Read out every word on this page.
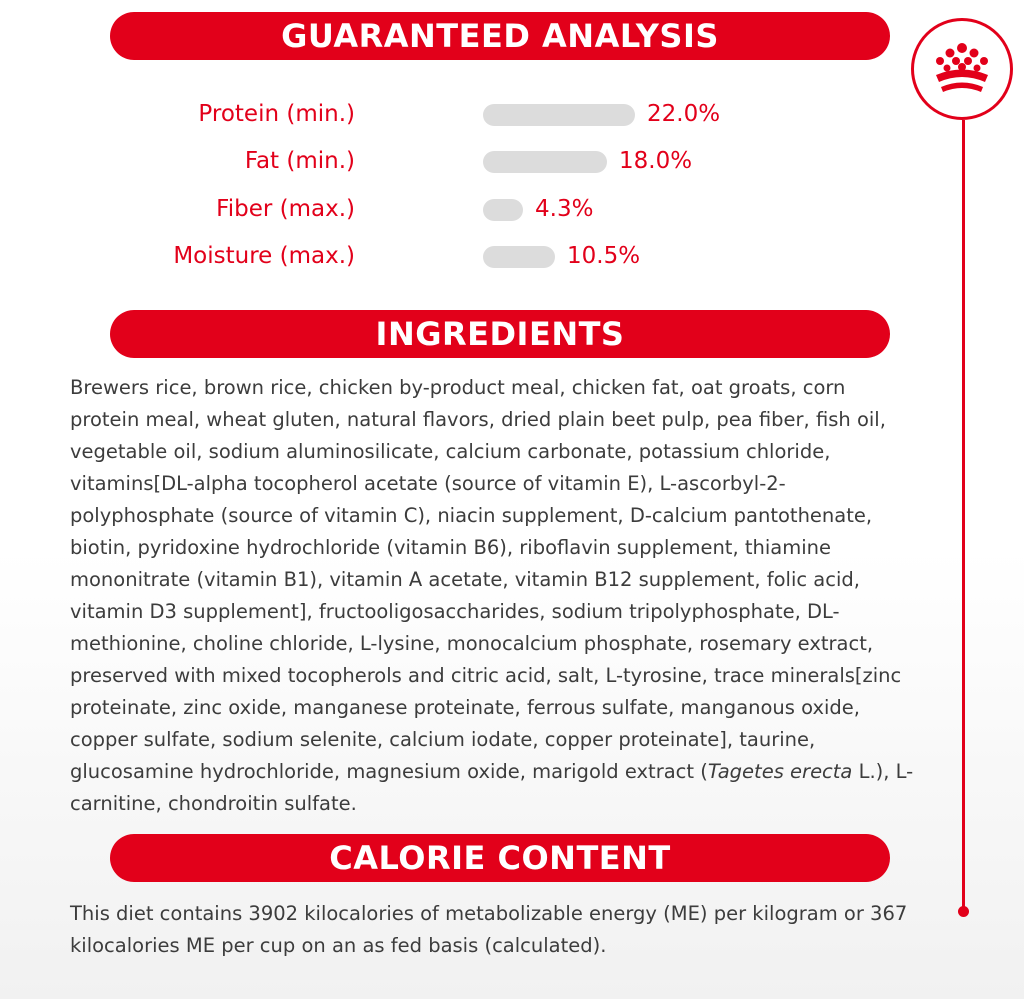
GUARANTEED ANALYSIS
Protein (min.)	22.0%
Fat (min.)	18.0%
Fiber (max.)	4.3%
Moisture (max.)	10.5%
INGREDIENTS
Brewers rice, brown rice, chicken by-product meal, chicken fat, oat groats, corn protein meal, wheat gluten, natural flavors, dried plain beet pulp, pea fiber, fish oil, vegetable oil, sodium aluminosilicate, calcium carbonate, potassium chloride, vitamins[DL-alpha tocopherol acetate (source of vitamin E), L-ascorbyl-2-polyphosphate (source of vitamin C), niacin supplement, D-calcium pantothenate, biotin, pyridoxine hydrochloride (vitamin B6), riboflavin supplement, thiamine mononitrate (vitamin B1), vitamin A acetate, vitamin B12 supplement, folic acid, vitamin D3 supplement], fructooligosaccharides, sodium tripolyphosphate, DL-methionine, choline chloride, L-lysine, monocalcium phosphate, rosemary extract, preserved with mixed tocopherols and citric acid, salt, L-tyrosine, trace minerals[zinc proteinate, zinc oxide, manganese proteinate, ferrous sulfate, manganous oxide, copper sulfate, sodium selenite, calcium iodate, copper proteinate], taurine, glucosamine hydrochloride, magnesium oxide, marigold extract (Tagetes erecta L.), L-carnitine, chondroitin sulfate.
CALORIE CONTENT
This diet contains 3902 kilocalories of metabolizable energy (ME) per kilogram or 367 kilocalories ME per cup on an as fed basis (calculated).
